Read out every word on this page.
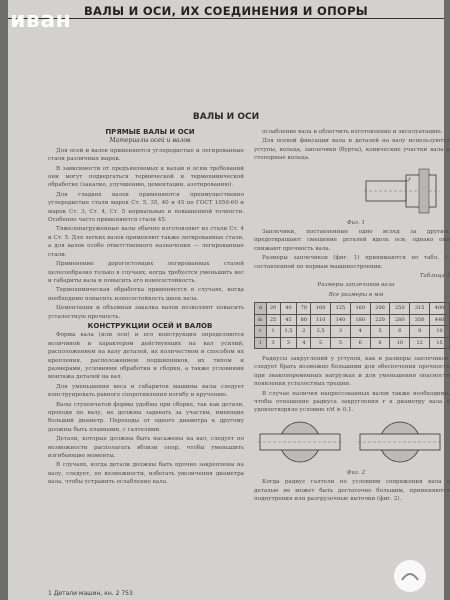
ВАЛЫ И ОСИ, ИХ СОЕДИНЕНИЯ И ОПОРЫ
ВАЛЫ И ОСИ

ПРЯМЫЕ ВАЛЫ И ОСИ

Материалы осей и валов

Для осей и валов применяются углеродистые и легированные стали различных марок.

В зависимости от предъявляемых к валам и осям требований они могут подвергаться термической и термохимической обработке (закалке, улучшению, цементации, азотированию).

Для гладких валов применяются преимущественно углеродистые стали марок Ст. 5, 35, 40 и 45 по ГОСТ 1050-60 и марок Ст. 3, Ст. 4, Ст. 5 нормальные и повышенной точности. Особенно часто применяются стали 45.

Тяжелонагруженные валы обычно изготовляют из стали Ст. 4 и Ст. 5. Для легких валов применяют также легированные стали, а для валов особо ответственного назначения — легированные стали.

Применение дорогостоящих легированных сталей целесообразно только в случаях, когда требуется уменьшить вес и габариты вала и повысить его износостойкость.

Термохимическая обработка применяется в случаях, когда необходимо повысить износостойкость шеек вала.

Цементация и объемная закалка валов позволяют повысить усталостную прочность.

КОНСТРУКЦИИ ОСЕЙ И ВАЛОВ

Форма вала (или оси) и его конструкция определяются величиной и характером действующих на вал усилий, расположением на валу деталей, их количеством и способом их крепления, расположением подшипников, их типом и размерами, условиями обработки и сборки, а также условиями монтажа деталей на вал.

Для уменьшения веса и габаритов машины валы следует конструировать равного сопротивления изгибу и кручению.

Валы ступенчатой формы удобны при сборке, так как детали, проходя по валу, не должны задевать за участки, имеющие больший диаметр. Переходы от одного диаметра к другому должны быть плавными, с галтелями.

Детали, которые должны быть насажены на вал, следует по возможности располагать вблизи опор, чтобы уменьшить изгибающие моменты.

В случаях, когда детали должны быть прочно закреплены на валу, следует, по возможности, избегать увеличения диаметра вала, чтобы устранить ослабление вала.

ослабление вала и облегчить изготовление и эксплуатацию.

Для осевой фиксации вала и деталей на валу используются уступы, кольца, заплечики (бурты), конические участки вала и стопорные кольца.

Фиг. 1

Заплечики, поставленные одно вслед за другим, предотвращают смещение деталей вдоль оси, однако они снижают прочность вала.

Размеры заплечиков (фиг. 1) принимаются по табл. 1, составленной по нормам машиностроения.

Таблица 1

Размеры заплечиков вала

Все размеры в мм

d	20	40	70	100	125	160	200	250	315	400
d₁	25	45	80	110	140	180	220	280	350	440
r	1	1,5	2	2,5	3	4	5	6	8	10
l	3	3	4	5	5	6	8	10	12	15

Радиусы закруглений у уступов, как и размеры заплечиков, следует брать возможно большими для обеспечения прочности при знакопеременных нагрузках и для уменьшения опасности появления усталостных трещин.

В случае наличия напрессованных валов также необходимо, чтобы отношение радиуса закругления r к диаметру вала d удовлетворяло условию r/d ≥ 0,1.

Фиг. 2

Когда радиус галтели по условиям сопряжения вала с деталью не может быть достаточно большим, применяются поднутрения или разгрузочные выточки (фиг. 2).

1 Детали машин, кн. 2 753
иван
